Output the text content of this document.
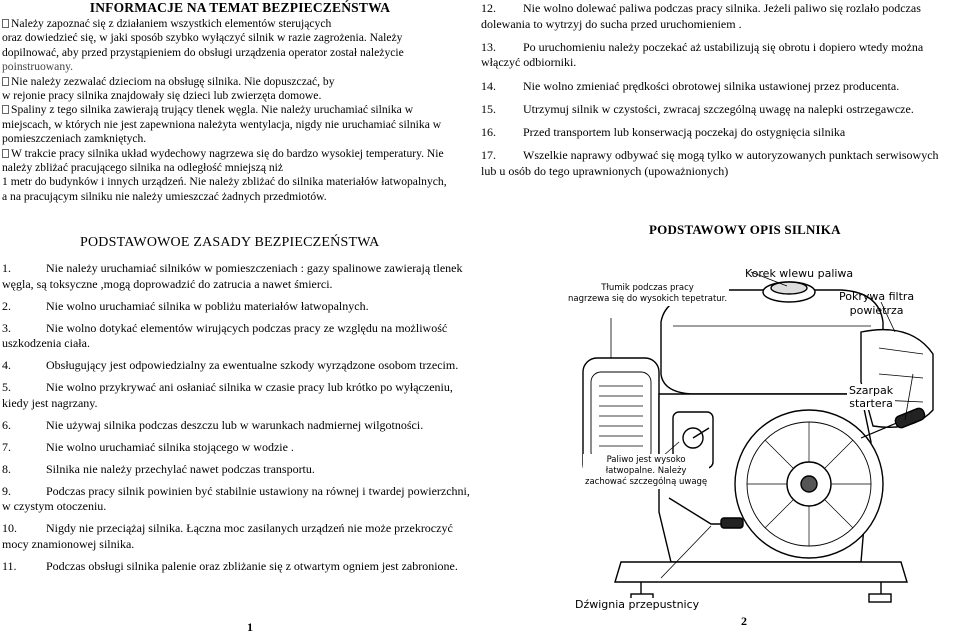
INFORMACJE NA TEMAT BEZPIECZEŃSTWA

Należy zapoznać się z działaniem wszystkich elementów sterujących

oraz dowiedzieć się, w jaki sposób szybko wyłączyć silnik w razie zagrożenia. Należy

dopilnować, aby przed przystąpieniem do obsługi urządzenia operator został należycie

poinstruowany.

Nie należy zezwalać dzieciom na obsługę silnika. Nie dopuszczać, by

w rejonie pracy silnika znajdowały się dzieci lub zwierzęta domowe.

Spaliny z tego silnika zawierają trujący tlenek węgla. Nie należy uruchamiać silnika w

miejscach, w których nie jest zapewniona należyta wentylacja, nigdy nie uruchamiać silnika w

pomieszczeniach zamkniętych.

W trakcie pracy silnika układ wydechowy nagrzewa się do bardzo wysokiej temperatury. Nie

należy zbliżać pracującego silnika na odległość mniejszą niż

1 metr do budynków i innych urządzeń. Nie należy zbliżać do silnika materiałów łatwopalnych,

a na pracującym silniku nie należy umieszczać żadnych przedmiotów.

PODSTAWOWOE ZASADY BEZPIECZEŃSTWA

1.	Nie należy uruchamiać silników w pomieszczeniach : gazy spalinowe zawierają tlenek węgla, są toksyczne ,mogą doprowadzić do zatrucia a nawet śmierci.

2.	Nie wolno uruchamiać silnika w pobliżu materiałów łatwopalnych.

3.	Nie wolno dotykać elementów wirujących podczas pracy ze względu na możliwość uszkodzenia ciała.

4.	Obsługujący jest odpowiedzialny za ewentualne szkody wyrządzone osobom trzecim.

5.	Nie wolno przykrywać ani osłaniać silnika w czasie pracy lub krótko po wyłączeniu, kiedy jest nagrzany.

6.	Nie używaj silnika podczas deszczu lub w warunkach nadmiernej wilgotności.

7.	Nie wolno uruchamiać silnika stojącego w wodzie .

8.	Silnika nie należy przechylać nawet podczas transportu.

9.	Podczas pracy silnik powinien być stabilnie ustawiony na równej i twardej powierzchni, w czystym otoczeniu.

10. Nigdy nie przeciążaj silnika. Łączna moc zasilanych urządzeń nie może przekroczyć mocy znamionowej silnika.

11. Podczas obsługi silnika palenie oraz zbliżanie się z otwartym ogniem jest zabronione.

1

12. Nie wolno dolewać paliwa podczas pracy silnika. Jeżeli paliwo się rozlało podczas dolewania to wytrzyj do sucha przed uruchomieniem .

13. Po uruchomieniu należy poczekać aż ustabilizują się obrotu i dopiero wtedy można włączyć odbiorniki.

14. Nie wolno zmieniać prędkości obrotowej silnika ustawionej przez producenta.

15. Utrzymuj silnik w czystości, zwracaj szczególną uwagę na nalepki ostrzegawcze.

16. Przed transportem lub konserwacją poczekaj do ostygnięcia silnika

17. Wszelkie naprawy odbywać się mogą tylko w autoryzowanych punktach serwisowych lub u osób do tego uprawnionych (upoważnionych)

PODSTAWOWY OPIS SILNIKA
Korek wlewu paliwa
Pokrywa filtra
powietrza
Tłumik podczas pracy
nagrzewa się do wysokich tepetratur.
Szarpak
startera
Paliwo jest wysoko
łatwopalne. Należy
zachować szczególną uwagę
Dźwignia przepustnicy
2
